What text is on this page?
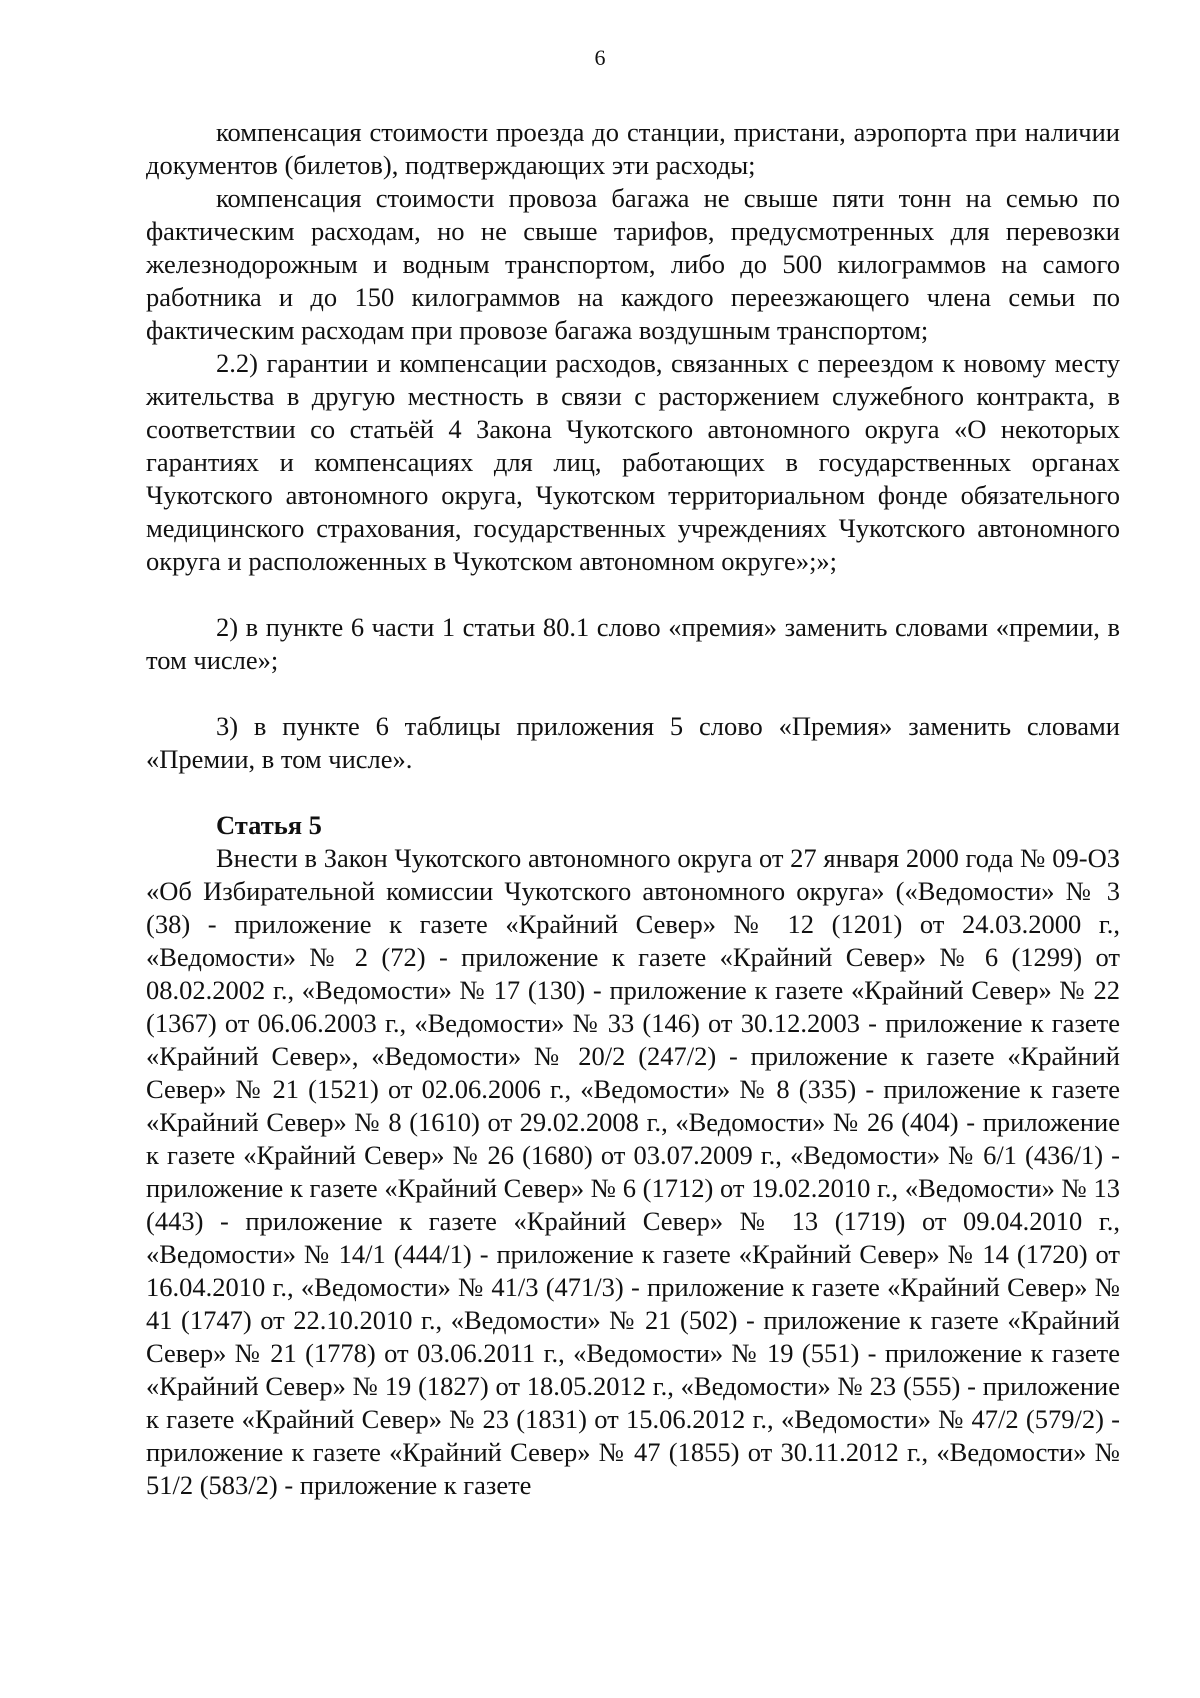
6

компенсация стоимости проезда до станции, пристани, аэропорта при наличии документов (билетов), подтверждающих эти расходы;

компенсация стоимости провоза багажа не свыше пяти тонн на семью по фактическим расходам, но не свыше тарифов, предусмотренных для перевозки железнодорожным и водным транспортом, либо до 500 килограммов на самого работника и до 150 килограммов на каждого переезжающего члена семьи по фактическим расходам при провозе багажа воздушным транспортом;

2.2) гарантии и компенсации расходов, связанных с переездом к новому месту жительства в другую местность в связи с расторжением служебного контракта, в соответствии со статьёй 4 Закона Чукотского автономного округа «О некоторых гарантиях и компенсациях для лиц, работающих в государственных органах Чукотского автономного округа, Чукотском территориальном фонде обязательного медицинского страхования, государственных учреждениях Чукотского автономного округа и расположенных в Чукотском автономном округе»;»;

2) в пункте 6 части 1 статьи 80.1 слово «премия» заменить словами «премии, в том числе»;

3) в пункте 6 таблицы приложения 5 слово «Премия» заменить словами «Премии, в том числе».

Статья 5

Внести в Закон Чукотского автономного округа от 27 января 2000 года № 09-ОЗ «Об Избирательной комиссии Чукотского автономного округа» («Ведомости» № 3 (38) - приложение к газете «Крайний Север» № 12 (1201) от 24.03.2000 г., «Ведомости» № 2 (72) - приложение к газете «Крайний Север» № 6 (1299) от 08.02.2002 г., «Ведомости» № 17 (130) - приложение к газете «Крайний Север» № 22 (1367) от 06.06.2003 г., «Ведомости» № 33 (146) от 30.12.2003 - приложение к газете «Крайний Север», «Ведомости» № 20/2 (247/2) - приложение к газете «Крайний Север» № 21 (1521) от 02.06.2006 г., «Ведомости» № 8 (335) - приложение к газете «Крайний Север» № 8 (1610) от 29.02.2008 г., «Ведомости» № 26 (404) - приложение к газете «Крайний Север» № 26 (1680) от 03.07.2009 г., «Ведомости» № 6/1 (436/1) - приложение к газете «Крайний Север» № 6 (1712) от 19.02.2010 г., «Ведомости» № 13 (443) - приложение к газете «Крайний Север» № 13 (1719) от 09.04.2010 г., «Ведомости» № 14/1 (444/1) - приложение к газете «Крайний Север» № 14 (1720) от 16.04.2010 г., «Ведомости» № 41/3 (471/3) - приложение к газете «Крайний Север» № 41 (1747) от 22.10.2010 г., «Ведомости» № 21 (502) - приложение к газете «Крайний Север» № 21 (1778) от 03.06.2011 г., «Ведомости» № 19 (551) - приложение к газете «Крайний Север» № 19 (1827) от 18.05.2012 г., «Ведомости» № 23 (555) - приложение к газете «Крайний Север» № 23 (1831) от 15.06.2012 г., «Ведомости» № 47/2 (579/2) - приложение к газете «Крайний Север» № 47 (1855) от 30.11.2012 г., «Ведомости» № 51/2 (583/2) - приложение к газете
